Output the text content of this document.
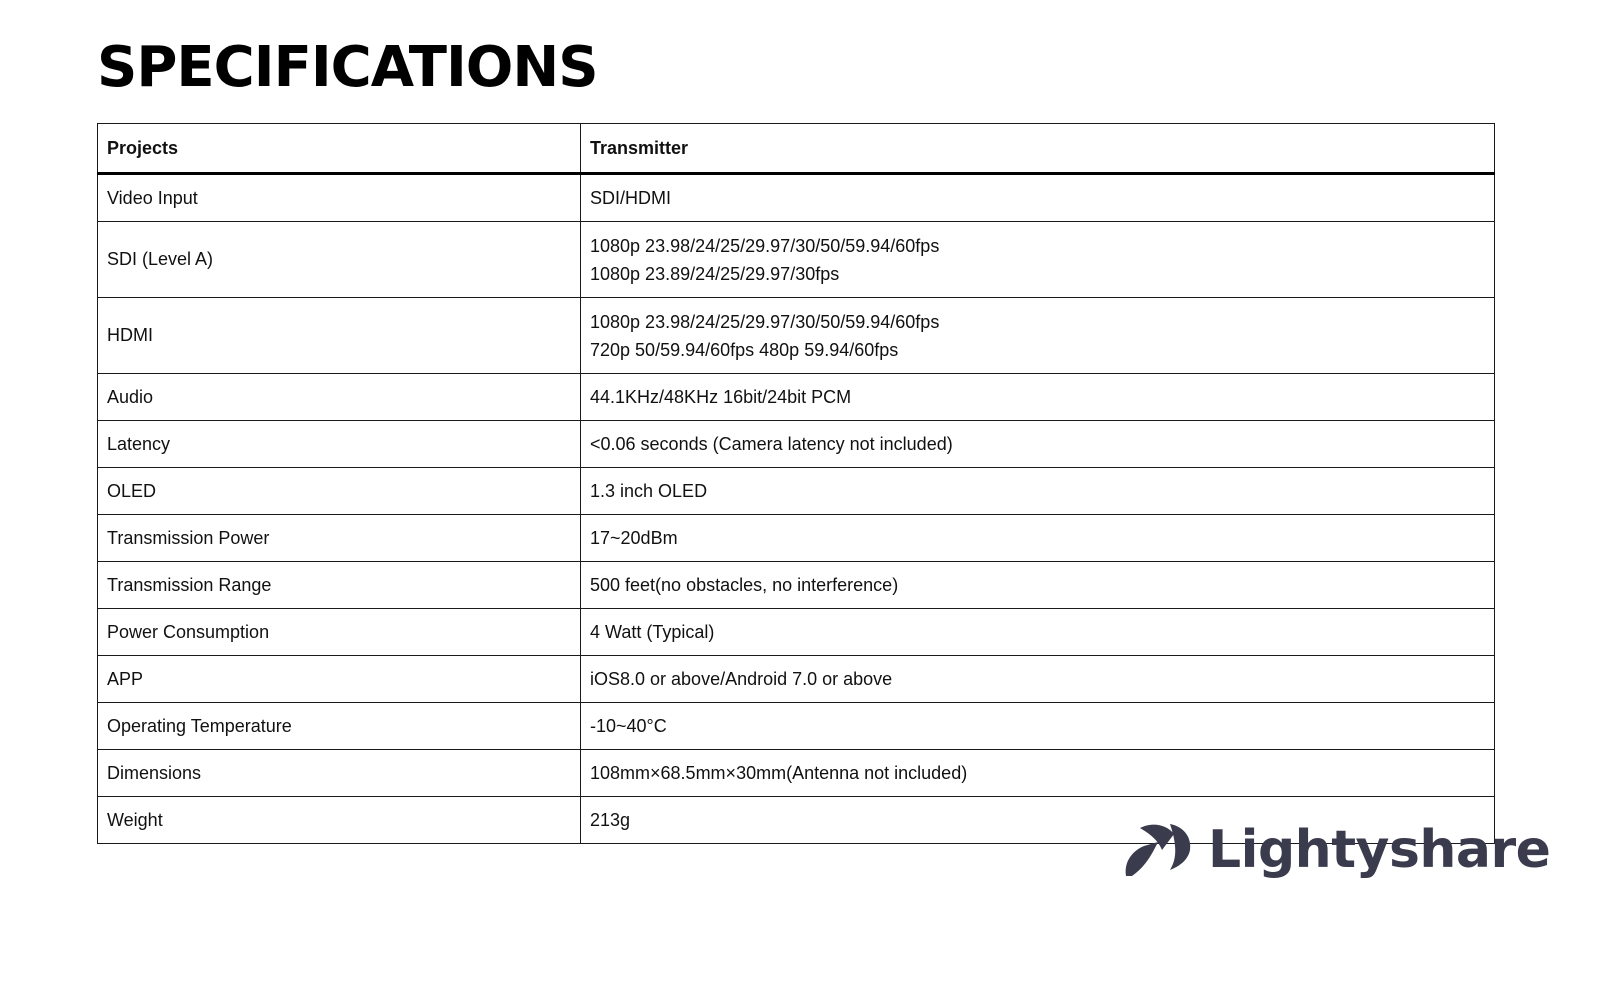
SPECIFICATIONS
Projects	Transmitter
Video Input	SDI/HDMI

SDI (Level A)	1080p 23.98/24/25/29.97/30/50/59.94/60fps
1080p 23.89/24/25/29.97/30fps

HDMI	1080p 23.98/24/25/29.97/30/50/59.94/60fps
720p 50/59.94/60fps 480p 59.94/60fps

Audio	44.1KHz/48KHz 16bit/24bit PCM

Latency	<0.06 seconds (Camera latency not included)

OLED	1.3 inch OLED

Transmission Power	17~20dBm

Transmission Range	500 feet(no obstacles, no interference)

Power Consumption	4 Watt (Typical)

APP	iOS8.0 or above/Android 7.0 or above

Operating Temperature	-10~40°C

Dimensions	108mm×68.5mm×30mm(Antenna not included)

Weight	213g	Lightyshare
